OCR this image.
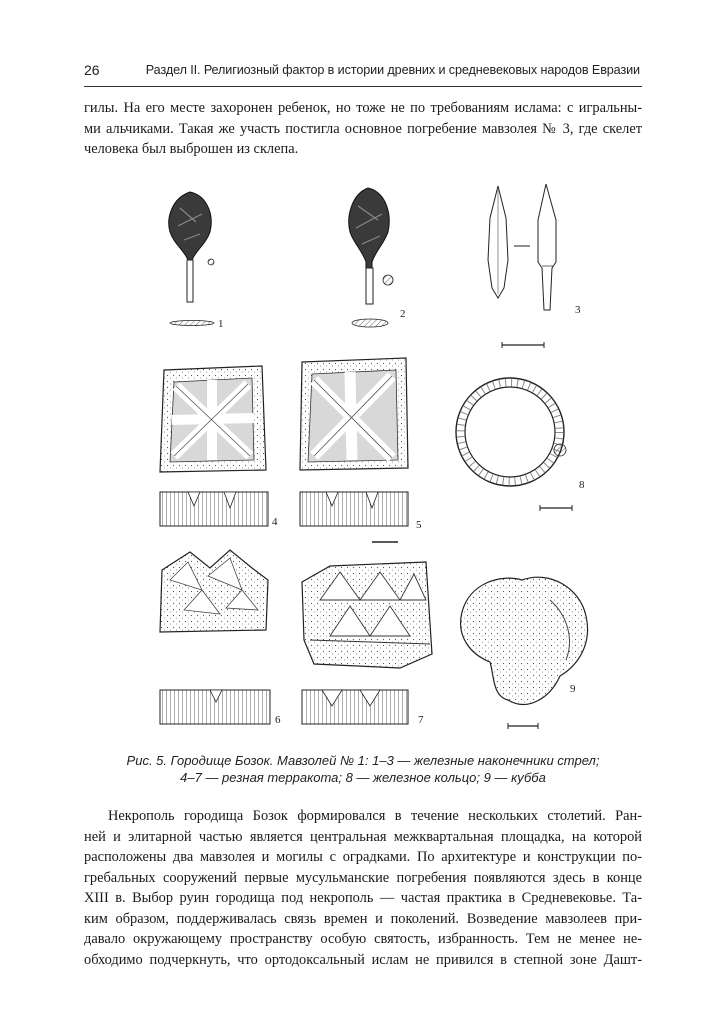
26	Раздел II. Религиозный фактор в истории древних и средневековых народов Евразии
гилы. На его месте захоронен ребенок, но тоже не по требованиям ислама: с игральны-
ми альчиками. Такая же участь постигла основное погребение мавзолея № 3, где скелет
человека был выброшен из склепа.
1
2	3
4	5
8
6	7
9
Рис. 5. Городище Бозок. Мавзолей № 1: 1–3 — железные наконечники стрел;
4–7 — резная терракота; 8 — железное кольцо; 9 — кубба
Некрополь городища Бозок формировался в течение нескольких столетий. Ран-
ней и элитарной частью является центральная межквартальная площадка, на которой
расположены два мавзолея и могилы с оградками. По архитектуре и конструкции по-
гребальных сооружений первые мусульманские погребения появляются здесь в конце
XIII в. Выбор руин городища под некрополь — частая практика в Средневековье. Та-
ким образом, поддерживалась связь времен и поколений. Возведение мавзолеев при-
давало окружающему пространству особую святость, избранность. Тем не менее не-
обходимо подчеркнуть, что ортодоксальный ислам не привился в степной зоне Дашт-
